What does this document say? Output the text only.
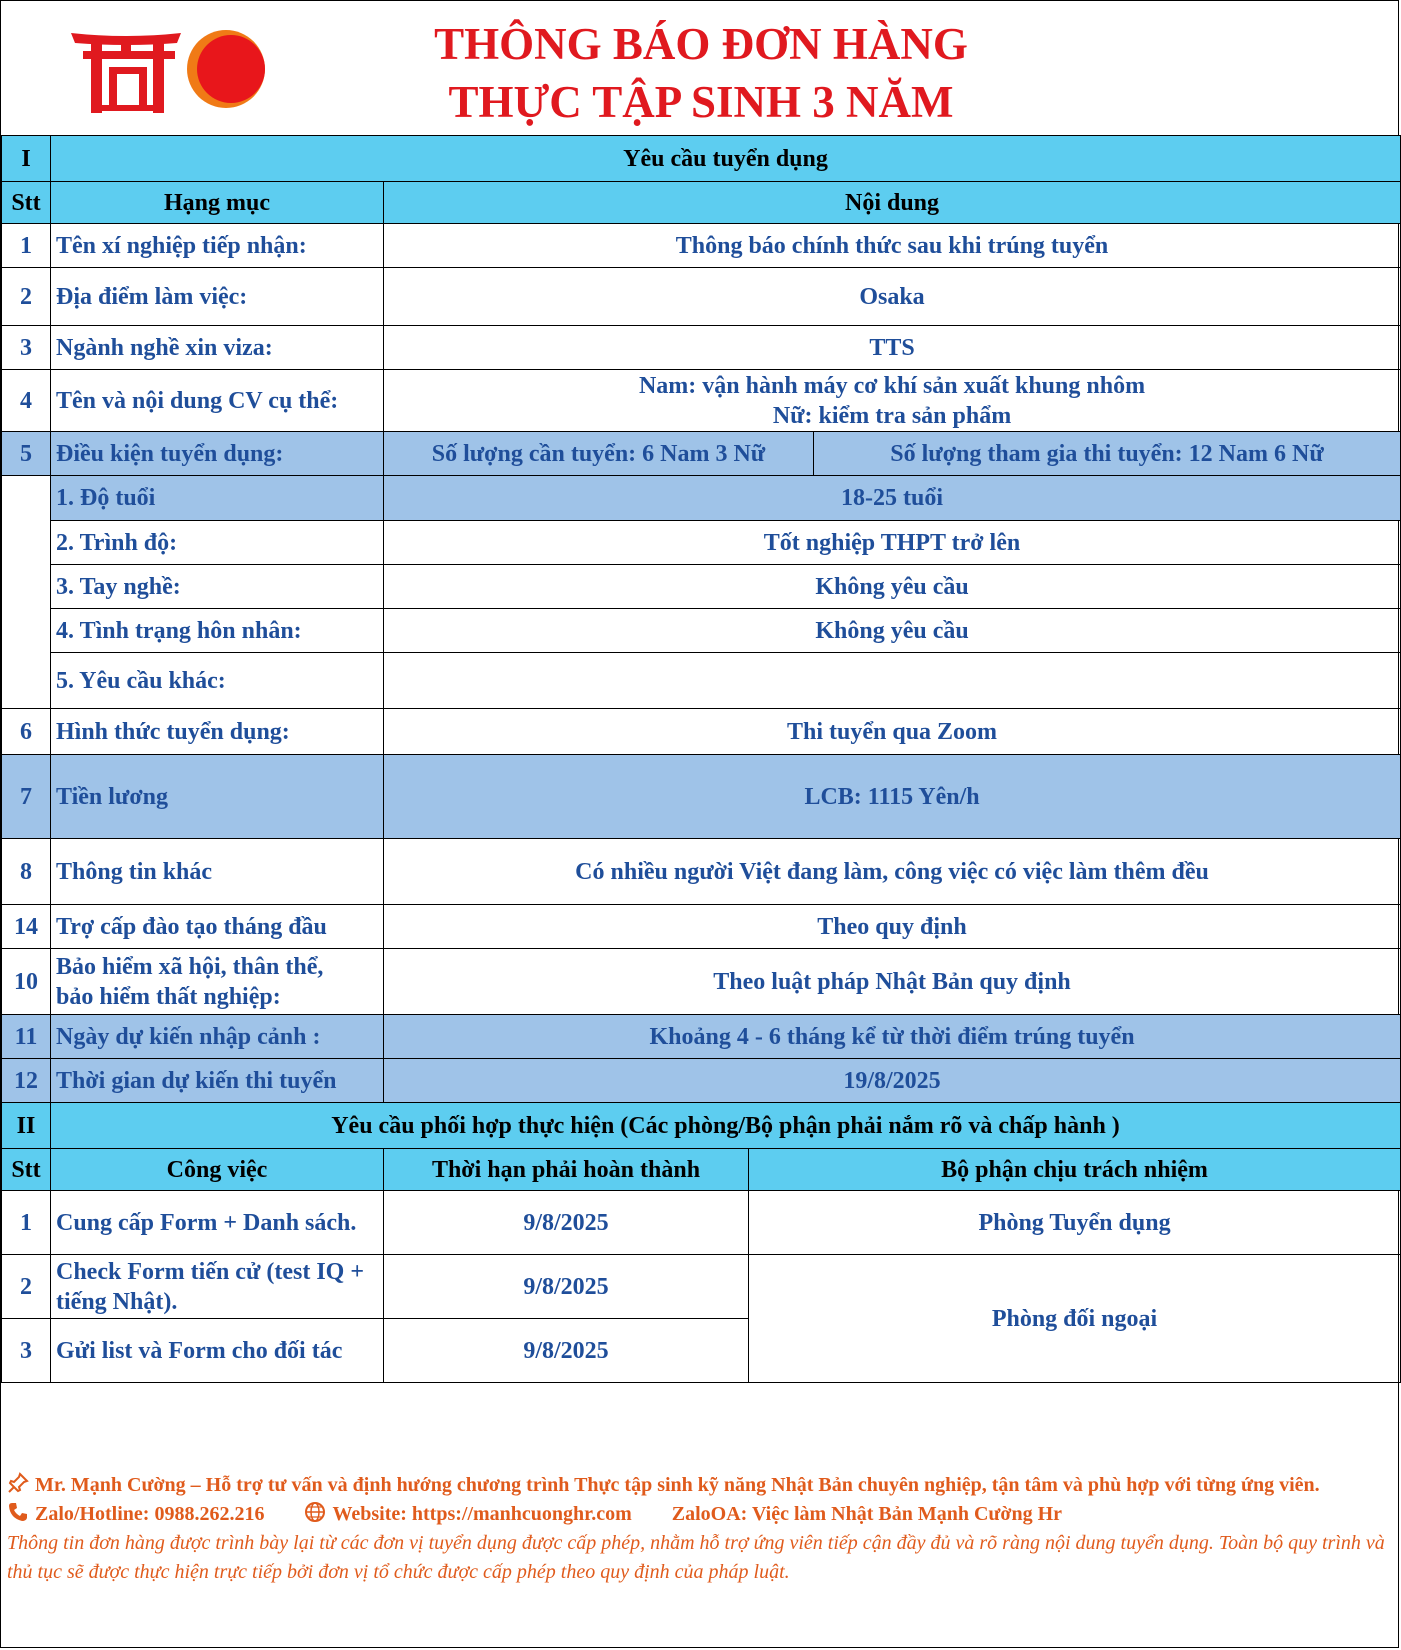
THÔNG BÁO ĐƠN HÀNG
THỰC TẬP SINH 3 NĂM
I	Yêu cầu tuyển dụng			
Stt	Hạng mục	Nội dung		
1	Tên xí nghiệp tiếp nhận:	Thông báo chính thức sau khi trúng tuyển		
2	Địa điểm làm việc:	Osaka		
3	Ngành nghề xin viza:	TTS		
4	Tên và nội dung CV cụ thể:	Nam: vận hành máy cơ khí sản xuất khung nhôm
Nữ: kiểm tra sản phẩm		

5	Điều kiện tuyển dụng:	Số lượng cần tuyển: 6 Nam 3 Nữ		Số lượng tham gia thi tuyển: 12 Nam 6 Nữ
	1. Độ tuổi	18-25 tuổi		
	2. Trình độ:	Tốt nghiệp THPT trở lên		
	3. Tay nghề:	Không yêu cầu		
	4. Tình trạng hôn nhân:	Không yêu cầu		
	5. Yêu cầu khác:			
6	Hình thức tuyển dụng:	Thi tuyển qua Zoom		
7	Tiền lương	LCB: 1115 Yên/h		
8	Thông tin khác	Có nhiều người Việt đang làm, công việc có việc làm thêm đều		
14	Trợ cấp đào tạo tháng đầu	Theo quy định		
10	Bảo hiểm xã hội, thân thể,
bảo hiểm thất nghiệp:	Theo luật pháp Nhật Bản quy định		
11	Ngày dự kiến nhập cảnh :	Khoảng 4 - 6 tháng kể từ thời điểm trúng tuyển		
12	Thời gian dự kiến thi tuyển	19/8/2025		
II	Yêu cầu phối hợp thực hiện (Các phòng/Bộ phận phải nắm rõ và chấp hành )			
Stt	Công việc	Thời hạn phải hoàn thành	Bộ phận chịu trách nhiệm	
1	Cung cấp Form + Danh sách.	9/8/2025	Phòng Tuyển dụng	
2	Check Form tiến cử (test IQ + tiếng Nhật).	9/8/2025	Phòng đối ngoại	
3	Gửi list và Form cho đối tác	9/8/2025		
Mr. Mạnh Cường – Hỗ trợ tư vấn và định hướng chương trình Thực tập sinh kỹ năng Nhật Bản chuyên nghiệp, tận tâm và phù hợp với từng ứng viên.
Zalo/Hotline: 0988.262.216	Website: https://manhcuonghr.com ZaloOA: Việc làm Nhật Bản Mạnh Cường Hr
Thông tin đơn hàng được trình bày lại từ các đơn vị tuyển dụng được cấp phép, nhằm hỗ trợ ứng viên tiếp cận đầy đủ và rõ ràng nội dung tuyển dụng. Toàn bộ quy trình và thủ tục sẽ được thực hiện trực tiếp bởi đơn vị tổ chức được cấp phép theo quy định của pháp luật.
